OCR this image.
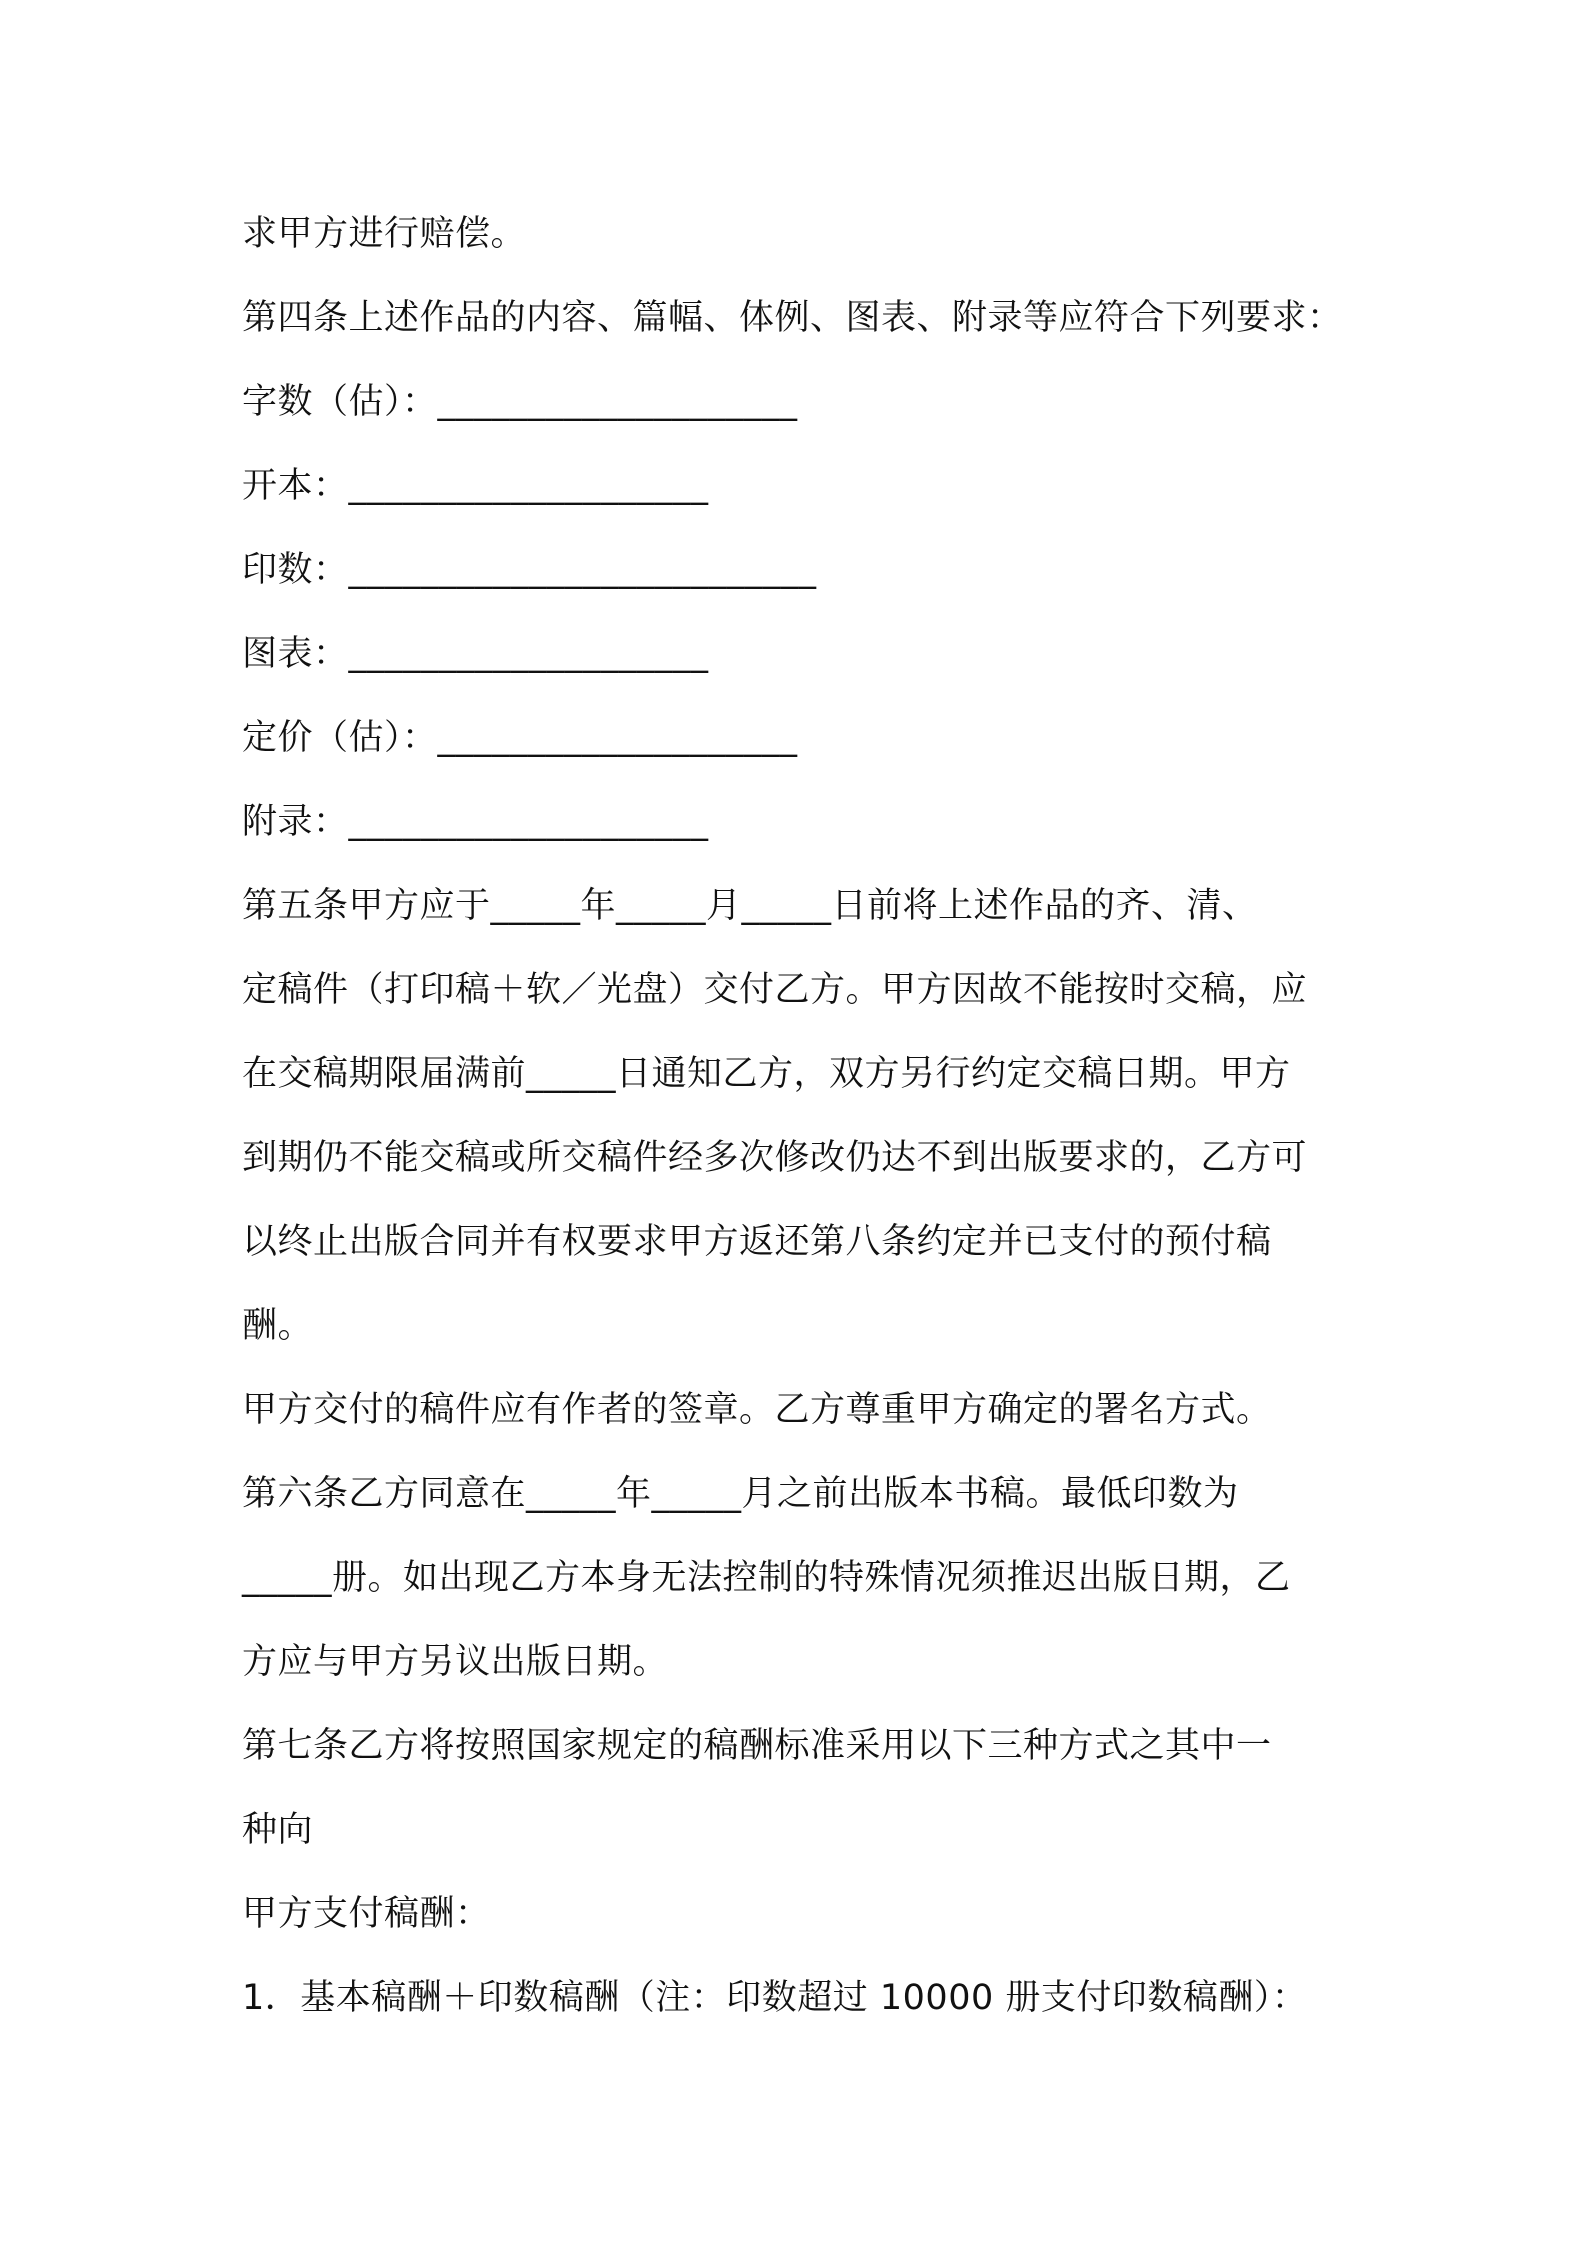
求甲方进行赔偿。
第四条上述作品的内容、篇幅、体例、图表、附录等应符合下列要求：
字数（估）：____________________
开本：____________________
印数：__________________________
图表：____________________
定价（估）：____________________
附录：____________________
第五条甲方应于_____年_____月_____日前将上述作品的齐、清、
定稿件（打印稿＋软／光盘）交付乙方。甲方因故不能按时交稿，应
在交稿期限届满前_____日通知乙方，双方另行约定交稿日期。甲方
到期仍不能交稿或所交稿件经多次修改仍达不到出版要求的，乙方可
以终止出版合同并有权要求甲方返还第八条约定并已支付的预付稿
酬。
甲方交付的稿件应有作者的签章。乙方尊重甲方确定的署名方式。
第六条乙方同意在_____年_____月之前出版本书稿。最低印数为
_____册。如出现乙方本身无法控制的特殊情况须推迟出版日期，乙
方应与甲方另议出版日期。
第七条乙方将按照国家规定的稿酬标准采用以下三种方式之其中一
种向
甲方支付稿酬：
1．基本稿酬＋印数稿酬（注：印数超过 10000 册支付印数稿酬）：
